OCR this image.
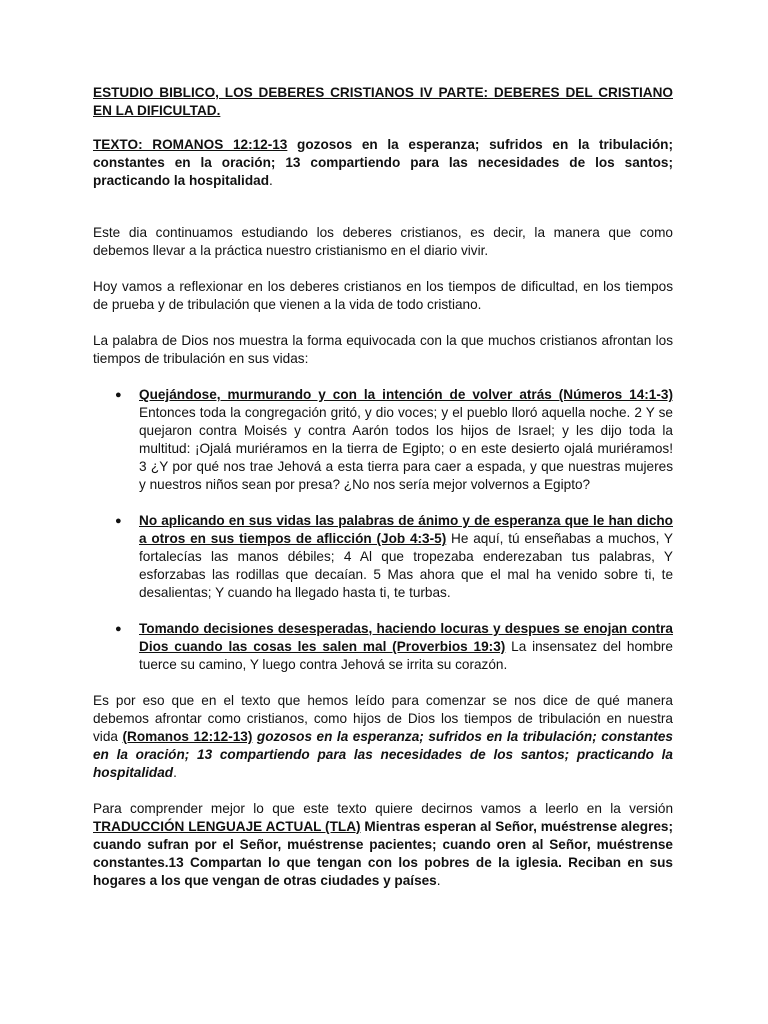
ESTUDIO BIBLICO, LOS DEBERES CRISTIANOS IV PARTE: DEBERES DEL CRISTIANO EN LA DIFICULTAD.

TEXTO: ROMANOS 12:12-13 gozosos en la esperanza; sufridos en la tribulación; constantes en la oración; 13 compartiendo para las necesidades de los santos; practicando la hospitalidad.

Este dia continuamos estudiando los deberes cristianos, es decir, la manera que como debemos llevar a la práctica nuestro cristianismo en el diario vivir.

Hoy vamos a reflexionar en los deberes cristianos en los tiempos de dificultad, en los tiempos de prueba y de tribulación que vienen a la vida de todo cristiano.

La palabra de Dios nos muestra la forma equivocada con la que muchos cristianos afrontan los tiempos de tribulación en sus vidas:

● Quejándose, murmurando y con la intención de volver atrás (Números 14:1-3) Entonces toda la congregación gritó, y dio voces; y el pueblo lloró aquella noche. 2 Y se quejaron contra Moisés y contra Aarón todos los hijos de Israel; y les dijo toda la multitud: ¡Ojalá muriéramos en la tierra de Egipto; o en este desierto ojalá muriéramos! 3 ¿Y por qué nos trae Jehová a esta tierra para caer a espada, y que nuestras mujeres y nuestros niños sean por presa? ¿No nos sería mejor volvernos a Egipto?
● No aplicando en sus vidas las palabras de ánimo y de esperanza que le han dicho a otros en sus tiempos de aflicción (Job 4:3-5) He aquí, tú enseñabas a muchos, Y fortalecías las manos débiles; 4 Al que tropezaba enderezaban tus palabras, Y esforzabas las rodillas que decaían. 5 Mas ahora que el mal ha venido sobre ti, te desalientas; Y cuando ha llegado hasta ti, te turbas.
● Tomando decisiones desesperadas, haciendo locuras y despues se enojan contra Dios cuando las cosas les salen mal (Proverbios 19:3) La insensatez del hombre tuerce su camino, Y luego contra Jehová se irrita su corazón.

Es por eso que en el texto que hemos leído para comenzar se nos dice de qué manera debemos afrontar como cristianos, como hijos de Dios los tiempos de tribulación en nuestra vida (Romanos 12:12-13) gozosos en la esperanza; sufridos en la tribulación; constantes en la oración; 13 compartiendo para las necesidades de los santos; practicando la hospitalidad.

Para comprender mejor lo que este texto quiere decirnos vamos a leerlo en la versión TRADUCCIÓN LENGUAJE ACTUAL (TLA) Mientras esperan al Señor, muéstrense alegres; cuando sufran por el Señor, muéstrense pacientes; cuando oren al Señor, muéstrense constantes.13 Compartan lo que tengan con los pobres de la iglesia. Reciban en sus hogares a los que vengan de otras ciudades y países.
